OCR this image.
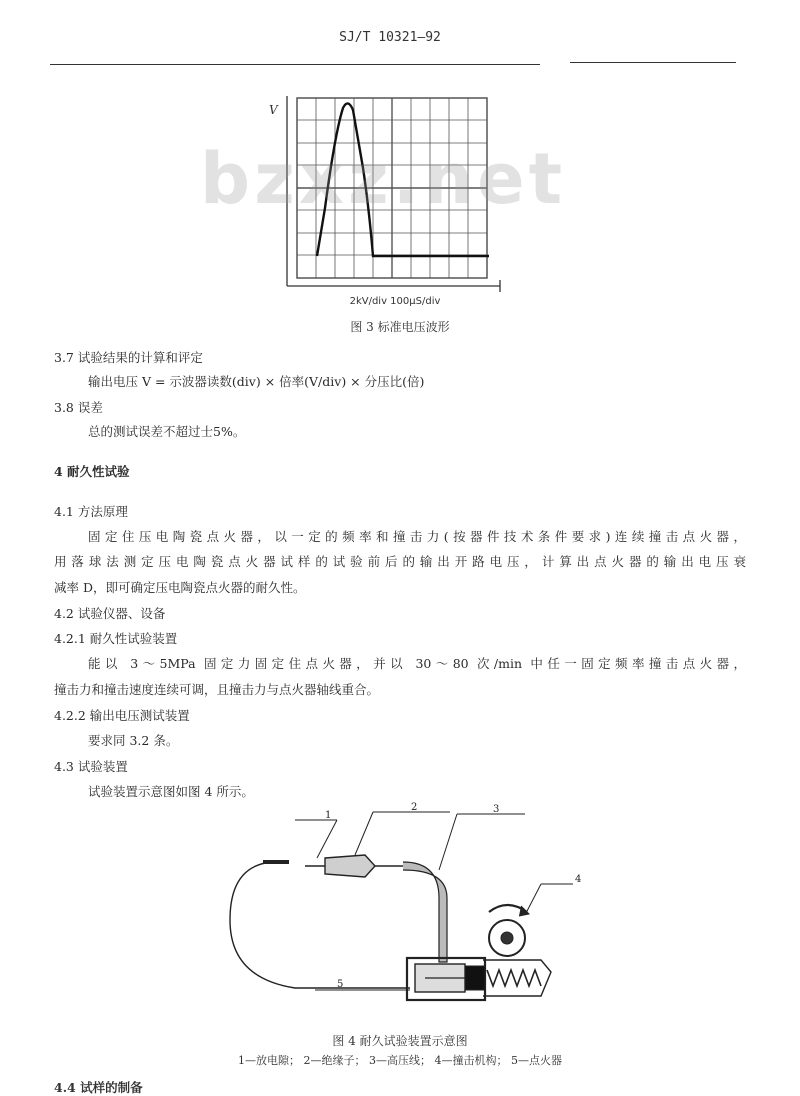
SJ/T 10321—92
V
bzxz.net
2kV/div 100μS/div
图 3 标准电压波形
3.7 试验结果的计算和评定
输出电压 V = 示波器读数(div) × 倍率(V/div) × 分压比(倍)
3.8 误差
总的测试误差不超过士5%。
4 耐久性试验
4.1 方法原理
固定住压电陶瓷点火器，以一定的频率和撞击力(按器件技术条件要求)连续撞击点火器，
用落球法测定压电陶瓷点火器试样的试验前后的输出开路电压，计算出点火器的输出电压衰
减率 D，即可确定压电陶瓷点火器的耐久性。
4.2 试验仪器、设备
4.2.1 耐久性试验装置
能以 3～5MPa 固定力固定住点火器，并以 30～80 次/min 中任一固定频率撞击点火器，
撞击力和撞击速度连续可调，且撞击力与点火器轴线重合。
4.2.2 输出电压测试装置
要求同 3.2 条。
4.3 试验装置
试验装置示意图如图 4 所示。
1
2	3
4
5
图 4 耐久试验装置示意图
1—放电隙； 2—绝缘子； 3—高压线； 4—撞击机构； 5—点火器
4.4 试样的制备
